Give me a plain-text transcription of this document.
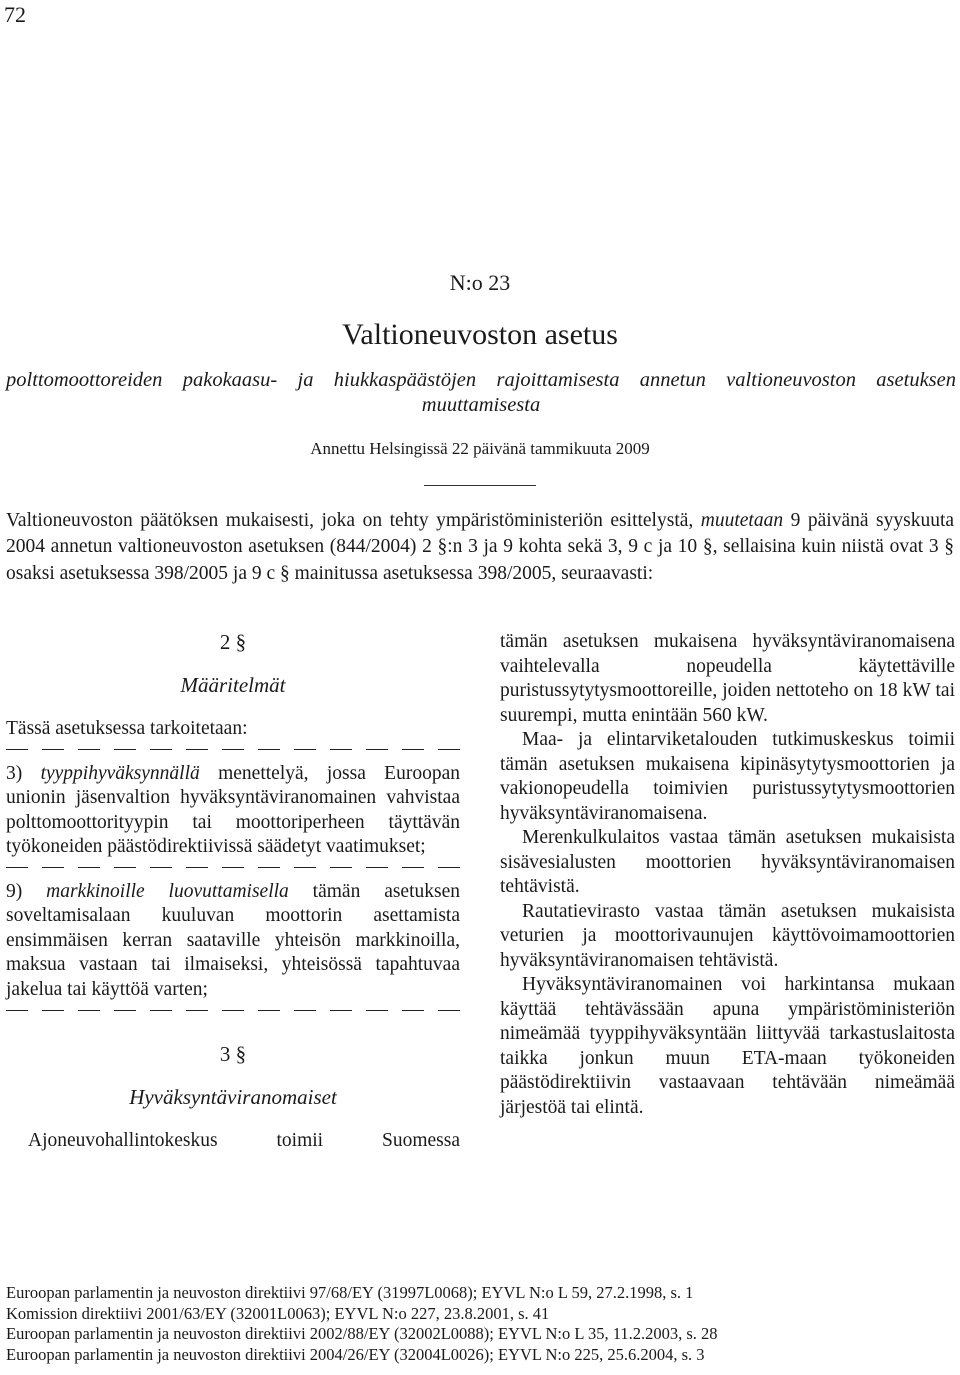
72
N:o 23
Valtioneuvoston asetus
polttomoottoreiden pakokaasu- ja hiukkaspäästöjen rajoittamisesta annetun valtioneuvoston asetuksen muuttamisesta
Annettu Helsingissä 22 päivänä tammikuuta 2009
Valtioneuvoston päätöksen mukaisesti, joka on tehty ympäristöministeriön esittelystä, muutetaan 9 päivänä syyskuuta 2004 annetun valtioneuvoston asetuksen (844/2004) 2 §:n 3 ja 9 kohta sekä 3, 9 c ja 10 §, sellaisina kuin niistä ovat 3 § osaksi asetuksessa 398/2005 ja 9 c § mainitussa asetuksessa 398/2005, seuraavasti:
2 §
Määritelmät

Tässä asetuksessa tarkoitetaan:

3) tyyppihyväksynnällä menettelyä, jossa Euroopan unionin jäsenvaltion hyväksyntäviranomainen vahvistaa polttomoottorityypin tai moottoriperheen täyttävän työkoneiden päästödirektiivissä säädetyt vaatimukset;

9) markkinoille luovuttamisella tämän asetuksen soveltamisalaan kuuluvan moottorin asettamista ensimmäisen kerran saataville yhteisön markkinoilla, maksua vastaan tai ilmaiseksi, yhteisössä tapahtuvaa jakelua tai käyttöä varten;

3 §
Hyväksyntäviranomaiset

Ajoneuvohallintokeskus toimii Suomessa

tämän asetuksen mukaisena hyväksyntäviranomaisena vaihtelevalla nopeudella käytettäville puristussytytysmoottoreille, joiden nettoteho on 18 kW tai suurempi, mutta enintään 560 kW.

Maa- ja elintarviketalouden tutkimuskeskus toimii tämän asetuksen mukaisena kipinäsytytysmoottorien ja vakionopeudella toimivien puristussytytysmoottorien hyväksyntäviranomaisena.

Merenkulkulaitos vastaa tämän asetuksen mukaisista sisävesialusten moottorien hyväksyntäviranomaisen tehtävistä.

Rautatievirasto vastaa tämän asetuksen mukaisista veturien ja moottorivaunujen käyttövoimamoottorien hyväksyntäviranomaisen tehtävistä.

Hyväksyntäviranomainen voi harkintansa mukaan käyttää tehtävässään apuna ympäristöministeriön nimeämää tyyppihyväksyntään liittyvää tarkastuslaitosta taikka jonkun muun ETA-maan työkoneiden päästödirektiivin vastaavaan tehtävään nimeämää järjestöä tai elintä.

Euroopan parlamentin ja neuvoston direktiivi 97/68/EY (31997L0068); EYVL N:o L 59, 27.2.1998, s. 1
Komission direktiivi 2001/63/EY (32001L0063); EYVL N:o 227, 23.8.2001, s. 41
Euroopan parlamentin ja neuvoston direktiivi 2002/88/EY (32002L0088); EYVL N:o L 35, 11.2.2003, s. 28
Euroopan parlamentin ja neuvoston direktiivi 2004/26/EY (32004L0026); EYVL N:o 225, 25.6.2004, s. 3
